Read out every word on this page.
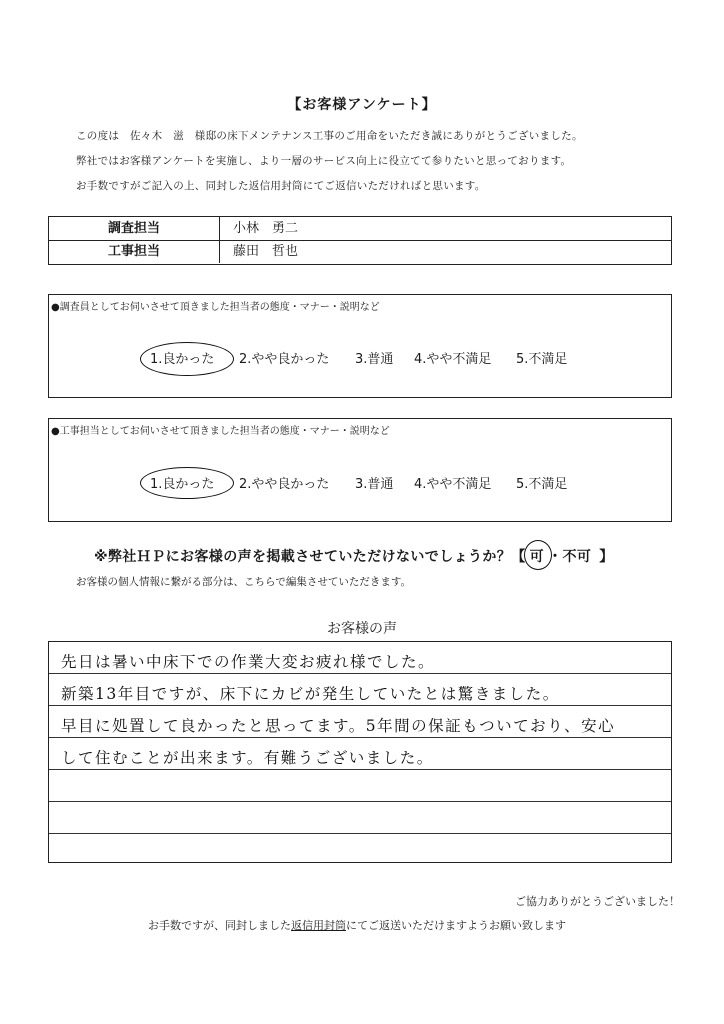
【お客様アンケート】
この度は　佐々木　滋　様邸の床下メンテナンス工事のご用命をいただき誠にありがとうございました。
弊社ではお客様アンケートを実施し、より一層のサービス向上に役立てて参りたいと思っております。
お手数ですがご記入の上、同封した返信用封筒にてご返信いただければと思います。
調査担当	小林　勇二
工事担当	藤田　哲也
●調査員としてお伺いさせて頂きました担当者の態度・マナー・説明など
1.良かった 2.やや良かった 3.普通 4.やや不満足 5.不満足
●工事担当としてお伺いさせて頂きました担当者の態度・マナー・説明など
1.良かった 2.やや良かった 3.普通 4.やや不満足 5.不満足
※弊社ＨＰにお客様の声を掲載させていただけないでしょうか？【 可 ・不可 】
お客様の個人情報に繋がる部分は、こちらで編集させていただきます。
お客様の声
先日は暑い中床下での作業大変お疲れ様でした。
新築13年目ですが、床下にカビが発生していたとは驚きました。
早目に処置して良かったと思ってます。5年間の保証もついており、安心
して住むことが出来ます。有難うございました。
ご協力ありがとうございました！
お手数ですが、同封しました返信用封筒にてご返送いただけますようお願い致します
